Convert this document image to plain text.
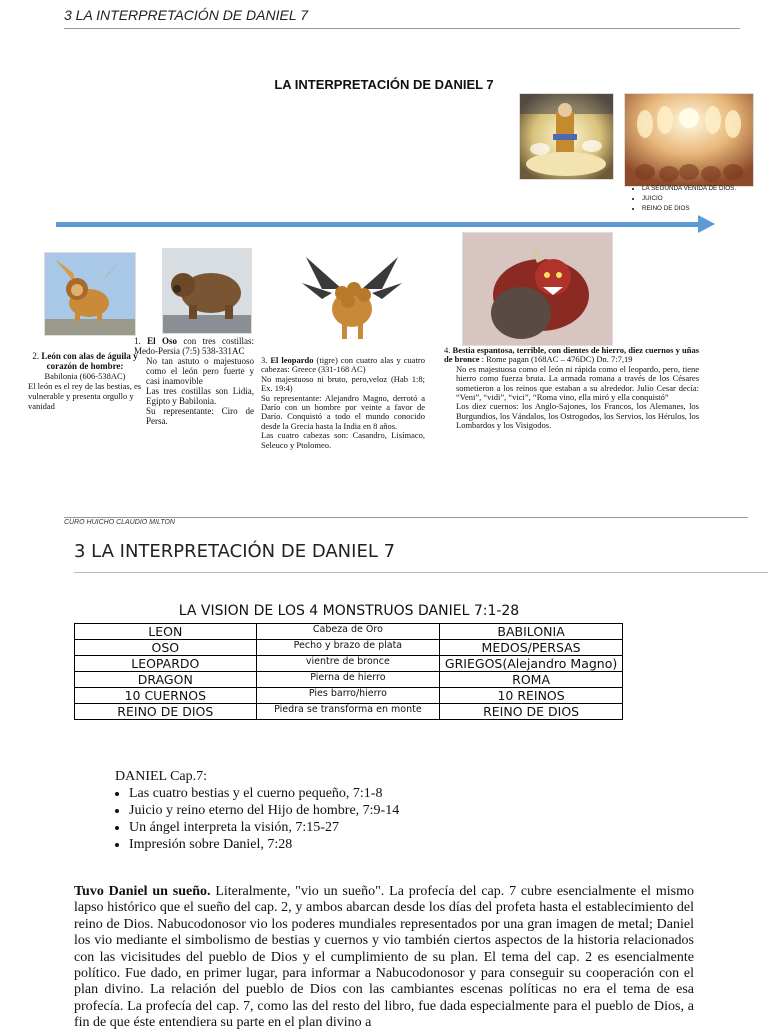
3 LA INTERPRETACIÓN DE DANIEL 7
LA INTERPRETACIÓN DE DANIEL 7
• LA SEGUNDA VENIDA DE DIOS.
• JUICIO
• REINO DE DIOS
2. León con alas de águila y corazón de hombre:
Babilonia (606-538AC)
El león es el rey de las bestias, es vulnerable y presenta orgullo y vanidad
1. El Oso con tres costillas: Medo-Persia (7:5) 538-331AC
No tan astuto o majestuoso como el león pero fuerte y casi inamovible
Las tres costillas son Lidia, Egipto y Babilonia.
Su representante: Ciro de Persa.
3. El leopardo (tigre) con cuatro alas y cuatro cabezas: Greece (331-168 AC)
No majestuoso ni bruto, pero,veloz (Hab 1:8; Ex. 19:4)
Su representante: Alejandro Magno, derrotó a Darío con un hombre por veinte a favor de Darío. Conquistó a todo el mundo conocido desde la Grecia hasta la India en 8 años.
Las cuatro cabezas son: Casandro, Lisímaco, Seleuco y Ptolomeo.
4. Bestia espantosa, terrible, con dientes de hierro, diez cuernos y uñas de bronce : Rome pagan (168AC – 476DC) Dn. 7:7,19
No es majestuosa como el león ni rápida como el leopardo, pero, tiene hierro como fuerza bruta. La armada romana a través de los Césares sometieron a los reinos que estaban a su alrededor. Julio Cesar decía: “Veni”, “vidi”, “vici”, “Roma vino, ella miró y ella conquistó”
Los diez cuernos: los Anglo-Sajones, los Francos, los Alemanes, los Burgundios, los Vándalos, los Ostrogodos, los Servios, los Hérulos, los Lombardos y los Visigodos.
CURO HUICHO CLAUDIO MILTON
3 LA INTERPRETACIÓN DE DANIEL 7
LA VISION DE LOS 4 MONSTRUOS DANIEL 7:1-28
LEON	Cabeza de Oro	BABILONIA
OSO	Pecho y brazo de plata	MEDOS/PERSAS
LEOPARDO	vientre de bronce	GRIEGOS(Alejandro Magno)
DRAGON	Pierna de hierro	ROMA
10 CUERNOS	Pies barro/hierro	10 REINOS
REINO DE DIOS	Piedra se transforma en monte	REINO DE DIOS
DANIEL Cap.7:
• Las cuatro bestias y el cuerno pequeño, 7:1-8
• Juicio y reino eterno del Hijo de hombre, 7:9-14
• Un ángel interpreta la visión, 7:15-27
• Impresión sobre Daniel, 7:28
Tuvo Daniel un sueño. Literalmente, "vio un sueño". La profecía del cap. 7 cubre esencialmente el mismo lapso histórico que el sueño del cap. 2, y ambos abarcan desde los días del profeta hasta el establecimiento del reino de Dios. Nabucodonosor vio los poderes mundiales representados por una gran imagen de metal; Daniel los vio mediante el simbolismo de bestias y cuernos y vio también ciertos aspectos de la historia relacionados con las vicisitudes del pueblo de Dios y el cumplimiento de su plan. El tema del cap. 2 es esencialmente político. Fue dado, en primer lugar, para informar a Nabucodonosor y para conseguir su cooperación con el plan divino. La relación del pueblo de Dios con las cambiantes escenas políticas no era el tema de esa profecía. La profecía del cap. 7, como las del resto del libro, fue dada especialmente para el pueblo de Dios, a fin de que éste entendiera su parte en el plan divino a
